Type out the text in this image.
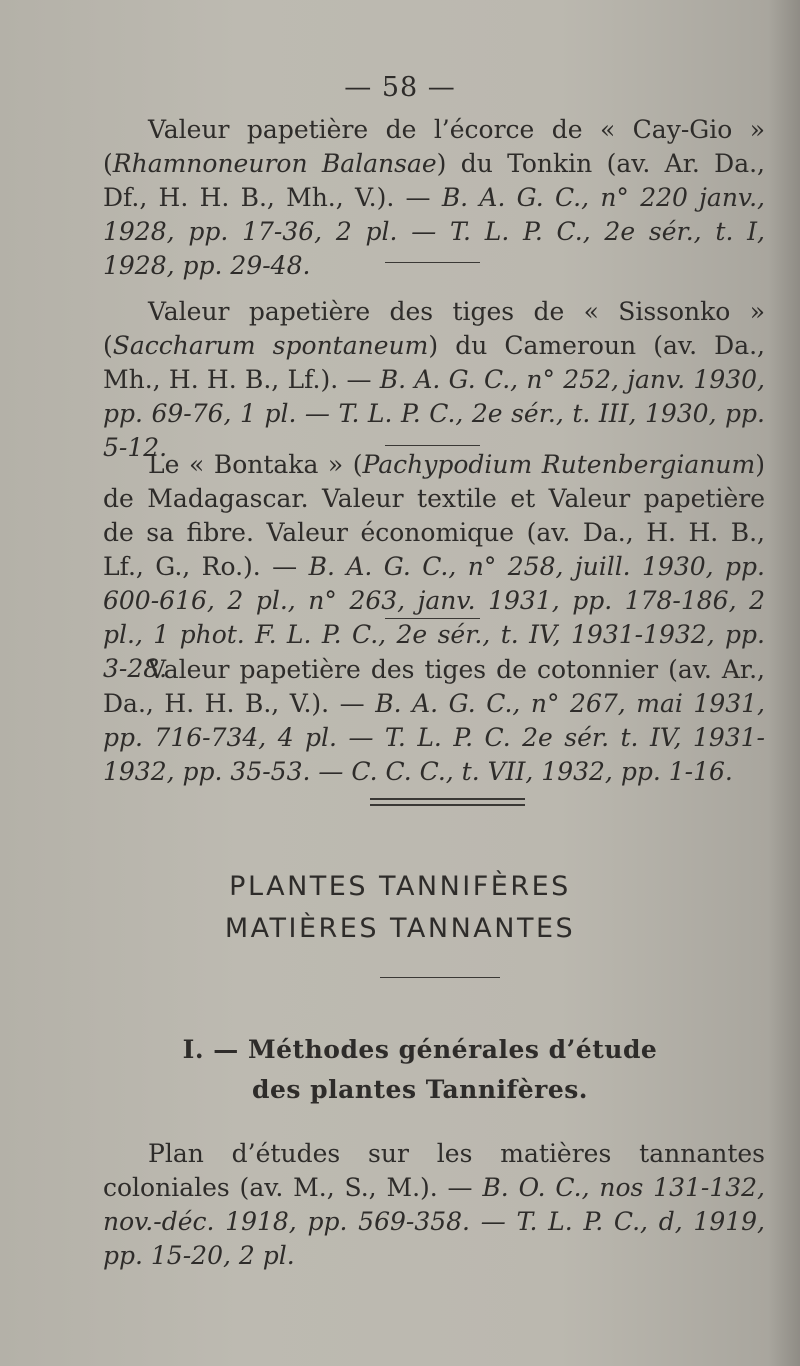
— 58 —

Valeur papetière de l’écorce de « Cay-Gio » (Rhamnoneuron Balansae) du Tonkin (av. Ar. Da., Df., H. H. B., Mh., V.). — B. A. G. C., n° 220 janv., 1928, pp. 17-36, 2 pl. — T. L. P. C., 2e sér., t. I, 1928, pp. 29-48.

Valeur papetière des tiges de « Sissonko » (Saccharum spontaneum) du Cameroun (av. Da., Mh., H. H. B., Lf.). — B. A. G. C., n° 252, janv. 1930, pp. 69-76, 1 pl. — T. L. P. C., 2e sér., t. III, 1930, pp. 5-12.

Le « Bontaka » (Pachypodium Rutenbergianum) de Madagascar. Valeur textile et Valeur papetière de sa fibre. Valeur économique (av. Da., H. H. B., Lf., G., Ro.). — B. A. G. C., n° 258, juill. 1930, pp. 600-616, 2 pl., n° 263, janv. 1931, pp. 178-186, 2 pl., 1 phot. F. L. P. C., 2e sér., t. IV, 1931-1932, pp. 3-28.

Valeur papetière des tiges de cotonnier (av. Ar., Da., H. H. B., V.). — B. A. G. C., n° 267, mai 1931, pp. 716-734, 4 pl. — T. L. P. C. 2e sér. t. IV, 1931-1932, pp. 35-53. — C. C. C., t. VII, 1932, pp. 1-16.

PLANTES TANNIFÈRES
MATIÈRES TANNANTES
I. — Méthodes générales d’étude
des plantes Tannifères.

Plan d’études sur les matières tannantes coloniales (av. M., S., M.). — B. O. C., nos 131-132, nov.-déc. 1918, pp. 569-358. — T. L. P. C., d, 1919, pp. 15-20, 2 pl.
